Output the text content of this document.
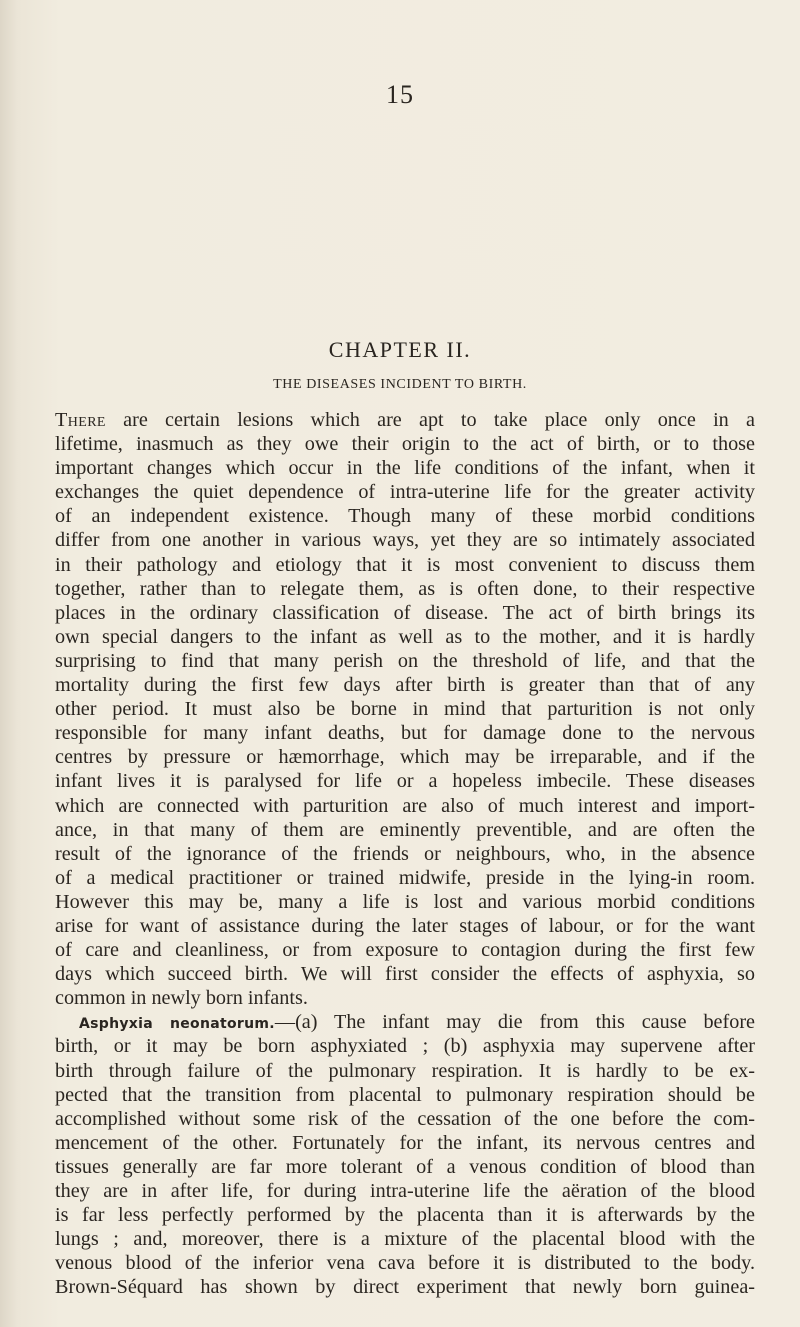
15
CHAPTER II.
THE DISEASES INCIDENT TO BIRTH.
There are certain lesions which are apt to take place only once in a
lifetime, inasmuch as they owe their origin to the act of birth, or to those
important changes which occur in the life conditions of the infant, when it
exchanges the quiet dependence of intra-uterine life for the greater activity
of an independent existence. Though many of these morbid conditions
differ from one another in various ways, yet they are so intimately associated
in their pathology and etiology that it is most convenient to discuss them
together, rather than to relegate them, as is often done, to their respective
places in the ordinary classification of disease. The act of birth brings its
own special dangers to the infant as well as to the mother, and it is hardly
surprising to find that many perish on the threshold of life, and that the
mortality during the first few days after birth is greater than that of any
other period. It must also be borne in mind that parturition is not only
responsible for many infant deaths, but for damage done to the nervous
centres by pressure or hæmorrhage, which may be irreparable, and if the
infant lives it is paralysed for life or a hopeless imbecile. These diseases
which are connected with parturition are also of much interest and import-
ance, in that many of them are eminently preventible, and are often the
result of the ignorance of the friends or neighbours, who, in the absence
of a medical practitioner or trained midwife, preside in the lying-in room.
However this may be, many a life is lost and various morbid conditions
arise for want of assistance during the later stages of labour, or for the want
of care and cleanliness, or from exposure to contagion during the first few
days which succeed birth. We will first consider the effects of asphyxia, so
common in newly born infants.
Asphyxia neonatorum.—(a) The infant may die from this cause before
birth, or it may be born asphyxiated ; (b) asphyxia may supervene after
birth through failure of the pulmonary respiration. It is hardly to be ex-
pected that the transition from placental to pulmonary respiration should be
accomplished without some risk of the cessation of the one before the com-
mencement of the other. Fortunately for the infant, its nervous centres and
tissues generally are far more tolerant of a venous condition of blood than
they are in after life, for during intra-uterine life the aëration of the blood
is far less perfectly performed by the placenta than it is afterwards by the
lungs ; and, moreover, there is a mixture of the placental blood with the
venous blood of the inferior vena cava before it is distributed to the body.
Brown-Séquard has shown by direct experiment that newly born guinea-
